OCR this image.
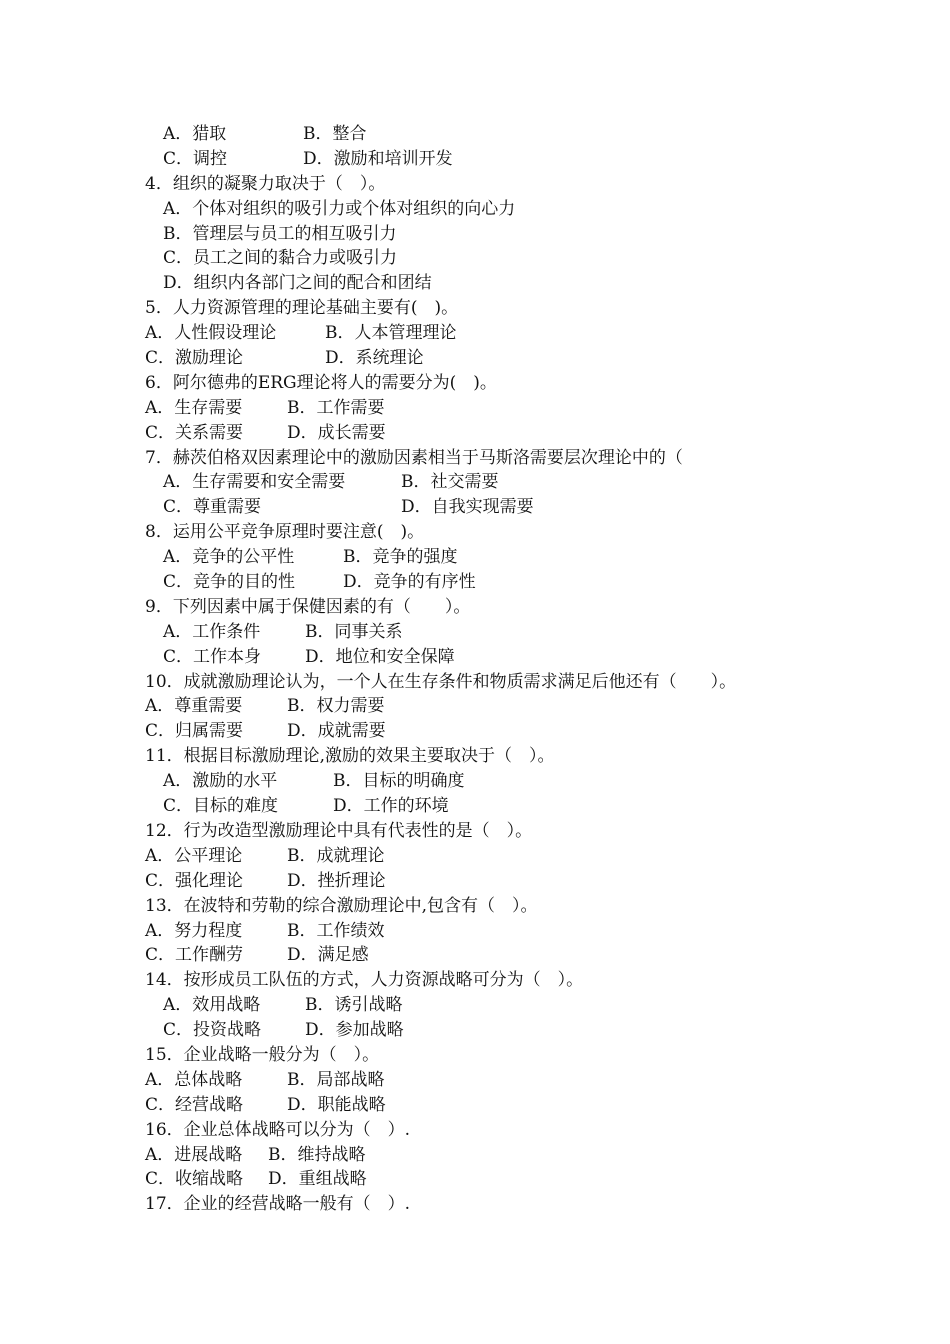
A．猎取	B．整合
C．调控	D．激励和培训开发
4．组织的凝聚力取决于（　）。
A．个体对组织的吸引力或个体对组织的向心力
B．管理层与员工的相互吸引力
C．员工之间的黏合力或吸引力
D．组织内各部门之间的配合和团结
5．人力资源管理的理论基础主要有(　)。
A．人性假设理论	B．人本管理理论
C．激励理论	D．系统理论
6．阿尔德弗的ERG理论将人的需要分为(　)。
A．生存需要	B．工作需要
C．关系需要	D．成长需要
7．赫茨伯格双因素理论中的激励因素相当于马斯洛需要层次理论中的（
A．生存需要和安全需要	B．社交需要
C．尊重需要	D．自我实现需要
8．运用公平竞争原理时要注意(　)。
A．竞争的公平性	B．竞争的强度
C．竞争的目的性	D．竞争的有序性
9．下列因素中属于保健因素的有（　　）。
A．工作条件	B．同事关系
C．工作本身	D．地位和安全保障
10．成就激励理论认为，一个人在生存条件和物质需求满足后他还有（　　）。
A．尊重需要	B．权力需要
C．归属需要	D．成就需要
11．根据目标激励理论,激励的效果主要取决于（　）。
A．激励的水平	B．目标的明确度
C．目标的难度	D．工作的环境
12．行为改造型激励理论中具有代表性的是（　）。
A．公平理论	B．成就理论
C．强化理论	D．挫折理论
13．在波特和劳勒的综合激励理论中,包含有（　）。
A．努力程度	B．工作绩效
C．工作酬劳	D．满足感
14．按形成员工队伍的方式，人力资源战略可分为（　）。
A．效用战略	B．诱引战略
C．投资战略	D．参加战略
15．企业战略一般分为（　）。
A．总体战略	B．局部战略
C．经营战略	D．职能战略
16．企业总体战略可以分为（　）.
A．进展战略 B．维持战略
C．收缩战略 D．重组战略
17．企业的经营战略一般有（　）.
